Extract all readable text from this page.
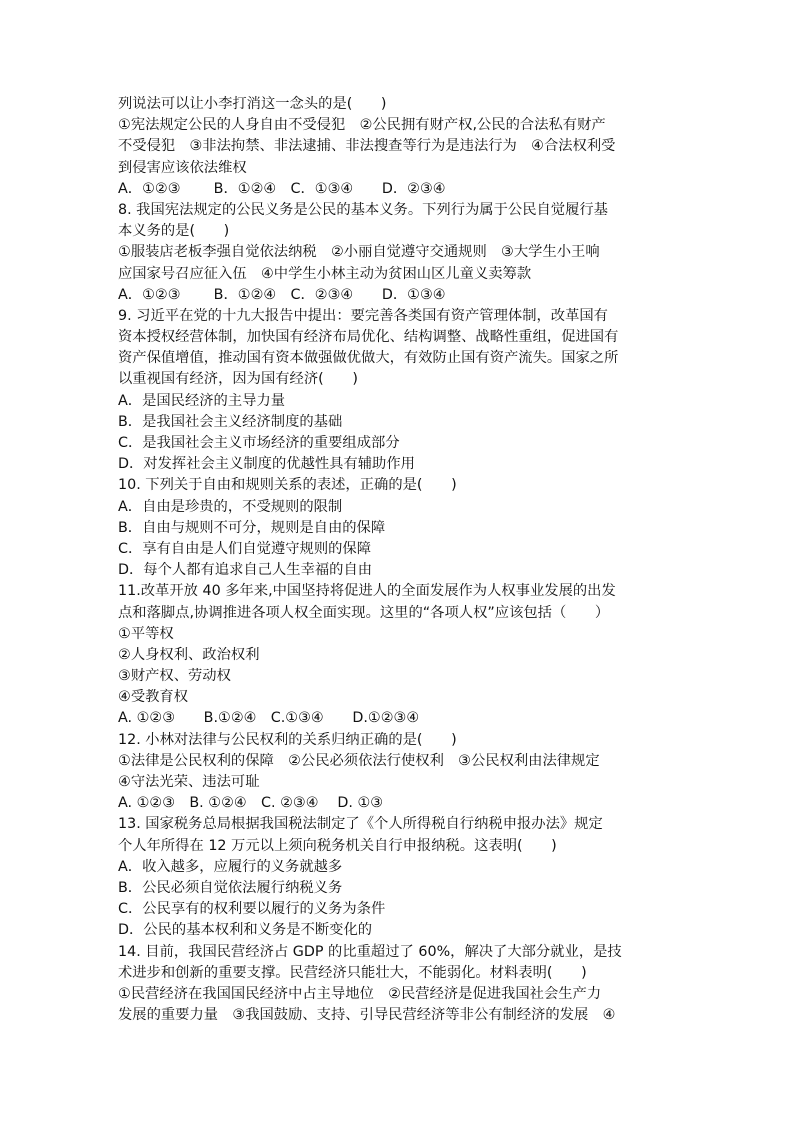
列说法可以让小李打消这一念头的是(　　)
①宪法规定公民的人身自由不受侵犯　②公民拥有财产权,公民的合法私有财产
不受侵犯　③非法拘禁、非法逮捕、非法搜查等行为是违法行为　④合法权利受
到侵害应该依法维权
A．①②③　　 B．①②④　C．①③④　　D．②③④
8. 我国宪法规定的公民义务是公民的基本义务。下列行为属于公民自觉履行基
本义务的是(　　)
①服装店老板李强自觉依法纳税　②小丽自觉遵守交通规则　③大学生小王响
应国家号召应征入伍　④中学生小林主动为贫困山区儿童义卖筹款
A．①②③　　 B．①②④　C．②③④　　D．①③④
9. 习近平在党的十九大报告中提出：要完善各类国有资产管理体制，改革国有
资本授权经营体制，加快国有经济布局优化、结构调整、战略性重组，促进国有
资产保值增值，推动国有资本做强做优做大，有效防止国有资产流失。国家之所
以重视国有经济，因为国有经济(　　)
A．是国民经济的主导力量
B．是我国社会主义经济制度的基础
C．是我国社会主义市场经济的重要组成部分
D．对发挥社会主义制度的优越性具有辅助作用
10. 下列关于自由和规则关系的表述，正确的是(　　)
A．自由是珍贵的，不受规则的限制
B．自由与规则不可分，规则是自由的保障
C．享有自由是人们自觉遵守规则的保障
D．每个人都有追求自己人生幸福的自由
11.改革开放 40 多年来,中国坚持将促进人的全面发展作为人权事业发展的出发
点和落脚点,协调推进各项人权全面实现。这里的“各项人权”应该包括（　　）
①平等权
②人身权利、政治权利
③财产权、劳动权
④受教育权
A. ①②③　　B.①②④　C.①③④　　D.①②③④
12. 小林对法律与公民权利的关系归纳正确的是(　　)
①法律是公民权利的保障　②公民必须依法行使权利　③公民权利由法律规定
④守法光荣、违法可耻
A. ①②③　B. ①②④　C. ②③④　 D. ①③
13. 国家税务总局根据我国税法制定了《个人所得税自行纳税申报办法》规定
个人年所得在 12 万元以上须向税务机关自行申报纳税。这表明(　　)
A．收入越多，应履行的义务就越多
B．公民必须自觉依法履行纳税义务
C．公民享有的权利要以履行的义务为条件
D．公民的基本权利和义务是不断变化的
14. 目前，我国民营经济占 GDP 的比重超过了 60%，解决了大部分就业，是技
术进步和创新的重要支撑。民营经济只能壮大，不能弱化。材料表明(　　)
①民营经济在我国国民经济中占主导地位　②民营经济是促进我国社会生产力
发展的重要力量　③我国鼓励、支持、引导民营经济等非公有制经济的发展　④
